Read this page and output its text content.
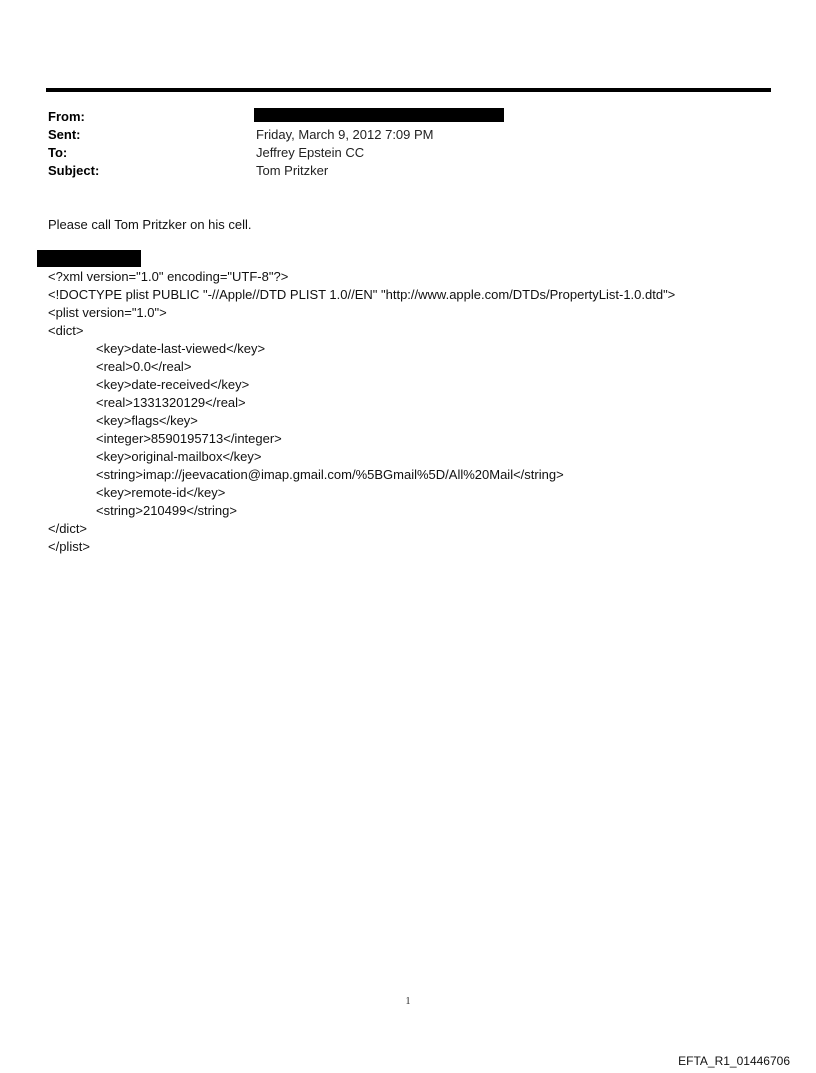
From:
Sent:	Friday, March 9, 2012 7:09 PM
To:	Jeffrey Epstein CC
Subject:	Tom Pritzker
Please call Tom Pritzker on his cell.
<?xml version="1.0" encoding="UTF-8"?>
<!DOCTYPE plist PUBLIC "-//Apple//DTD PLIST 1.0//EN" "http://www.apple.com/DTDs/PropertyList-1.0.dtd">
<plist version="1.0">
<dict>
<key>date-last-viewed</key>
<real>0.0</real>
<key>date-received</key>
<real>1331320129</real>
<key>flags</key>
<integer>8590195713</integer>
<key>original-mailbox</key>
<string>imap://jeevacation@imap.gmail.com/%5BGmail%5D/All%20Mail</string>
<key>remote-id</key>
<string>210499</string>
</dict>
</plist>
1
EFTA_R1_01446706
